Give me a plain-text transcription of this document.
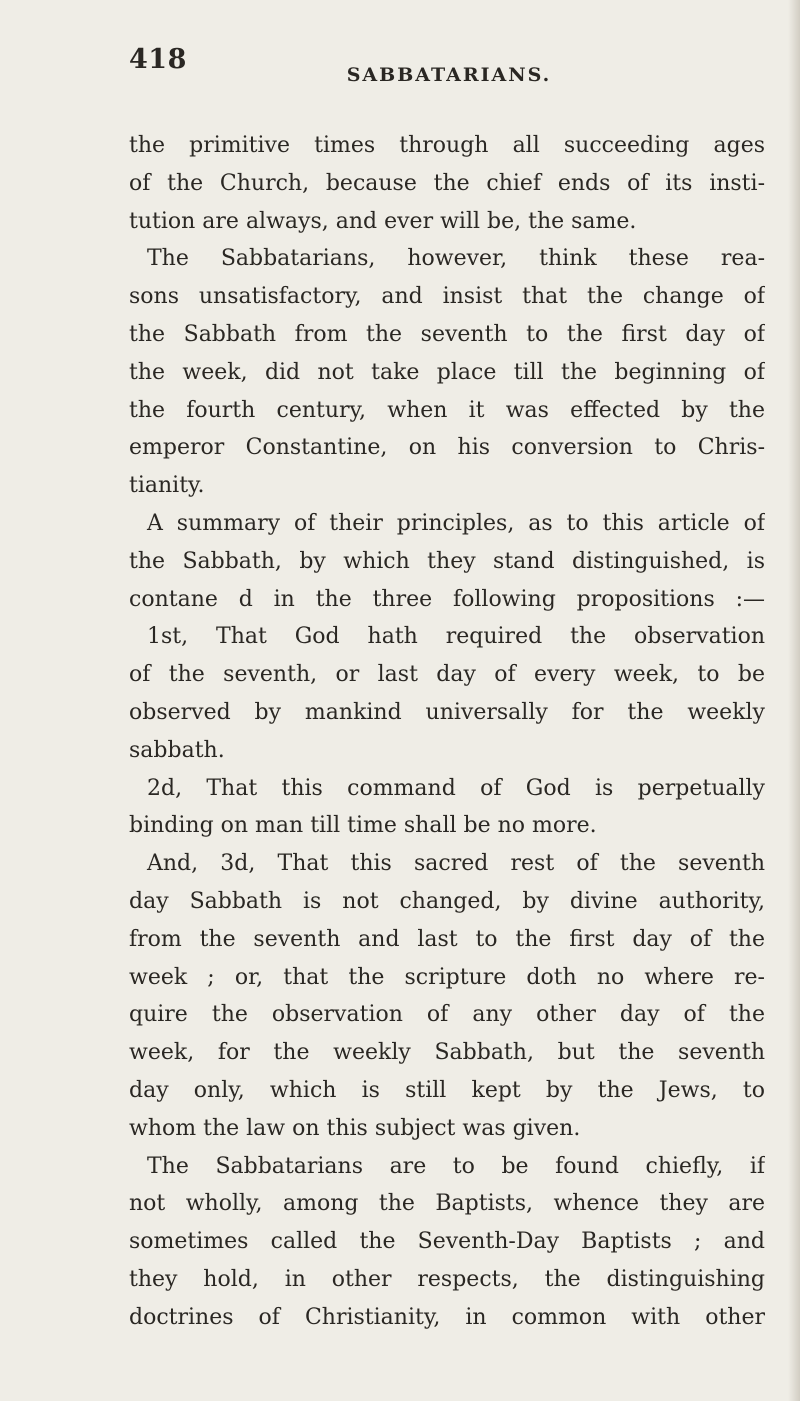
418	SABBATARIANS.
the primitive times through all succeeding ages
of the Church, because the chief ends of its insti-
tution are always, and ever will be, the same.
The Sabbatarians, however, think these rea-
sons unsatisfactory, and insist that the change of
the Sabbath from the seventh to the first day of
the week, did not take place till the beginning of
the fourth century, when it was effected by the
emperor Constantine, on his conversion to Chris-
tianity.
A summary of their principles, as to this article of
the Sabbath, by which they stand distinguished, is
contane d in the three following propositions :—
1st, That God hath required the observation
of the seventh, or last day of every week, to be
observed by mankind universally for the weekly
sabbath.
2d, That this command of God is perpetually
binding on man till time shall be no more.
And, 3d, That this sacred rest of the seventh
day Sabbath is not changed, by divine authority,
from the seventh and last to the first day of the
week ; or, that the scripture doth no where re-
quire the observation of any other day of the
week, for the weekly Sabbath, but the seventh
day only, which is still kept by the Jews, to
whom the law on this subject was given.
The Sabbatarians are to be found chiefly, if
not wholly, among the Baptists, whence they are
sometimes called the Seventh-Day Baptists ; and
they hold, in other respects, the distinguishing
doctrines of Christianity, in common with other
